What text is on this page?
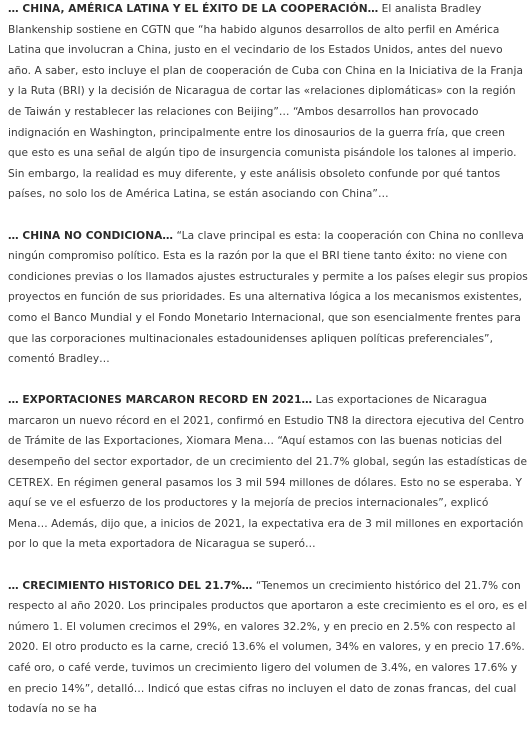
… CHINA, AMÉRICA LATINA Y EL ÉXITO DE LA COOPERACIÓN… El analista Bradley Blankenship sostiene en CGTN que “ha habido algunos desarrollos de alto perfil en América Latina que involucran a China, justo en el vecindario de los Estados Unidos, antes del nuevo año. A saber, esto incluye el plan de cooperación de Cuba con China en la Iniciativa de la Franja y la Ruta (BRI) y la decisión de Nicaragua de cortar las «relaciones diplomáticas» con la región de Taiwán y restablecer las relaciones con Beijing”… “Ambos desarrollos han provocado indignación en Washington, principalmente entre los dinosaurios de la guerra fría, que creen que esto es una señal de algún tipo de insurgencia comunista pisándole los talones al imperio. Sin embargo, la realidad es muy diferente, y este análisis obsoleto confunde por qué tantos países, no solo los de América Latina, se están asociando con China”…

… CHINA NO CONDICIONA… “La clave principal es esta: la cooperación con China no conlleva ningún compromiso político. Esta es la razón por la que el BRI tiene tanto éxito: no viene con condiciones previas o los llamados ajustes estructurales y permite a los países elegir sus propios proyectos en función de sus prioridades. Es una alternativa lógica a los mecanismos existentes, como el Banco Mundial y el Fondo Monetario Internacional, que son esencialmente frentes para que las corporaciones multinacionales estadounidenses apliquen políticas preferenciales”, comentó Bradley…

… EXPORTACIONES MARCARON RECORD EN 2021… Las exportaciones de Nicaragua marcaron un nuevo récord en el 2021, confirmó en Estudio TN8 la directora ejecutiva del Centro de Trámite de las Exportaciones, Xiomara Mena… “Aquí estamos con las buenas noticias del desempeño del sector exportador, de un crecimiento del 21.7% global, según las estadísticas de CETREX. En régimen general pasamos los 3 mil 594 millones de dólares. Esto no se esperaba. Y aquí se ve el esfuerzo de los productores y la mejoría de precios internacionales”, explicó Mena… Además, dijo que, a inicios de 2021, la expectativa era de 3 mil millones en exportación por lo que la meta exportadora de Nicaragua se superó…

… CRECIMIENTO HISTORICO DEL 21.7%… “Tenemos un crecimiento histórico del 21.7% con respecto al año 2020. Los principales productos que aportaron a este crecimiento es el oro, es el número 1. El volumen crecimos el 29%, en valores 32.2%, y en precio en 2.5% con respecto al 2020. El otro producto es la carne, creció 13.6% el volumen, 34% en valores, y en precio 17.6%. café oro, o café verde, tuvimos un crecimiento ligero del volumen de 3.4%, en valores 17.6% y en precio 14%”, detalló… Indicó que estas cifras no incluyen el dato de zonas francas, del cual todavía no se ha
